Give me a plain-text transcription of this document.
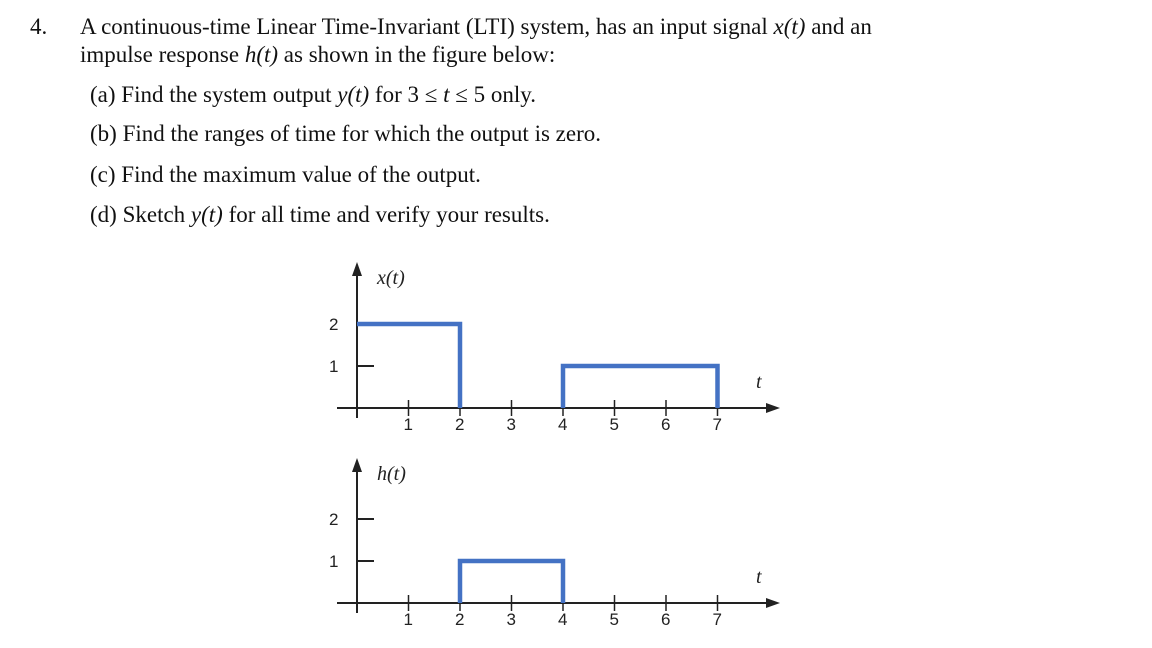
4. A continuous-time Linear Time-Invariant (LTI) system, has an input signal x(t) and an
impulse response h(t) as shown in the figure below:
(a) Find the system output y(t) for 3 ≤ t ≤ 5 only.
(b) Find the ranges of time for which the output is zero.
(c) Find the maximum value of the output.
(d) Sketch y(t) for all time and verify your results.
1
2
1 2 3 4 5 6 7
x(t)
t
1
2
1 2 3 4 5 6 7
h(t)
t
